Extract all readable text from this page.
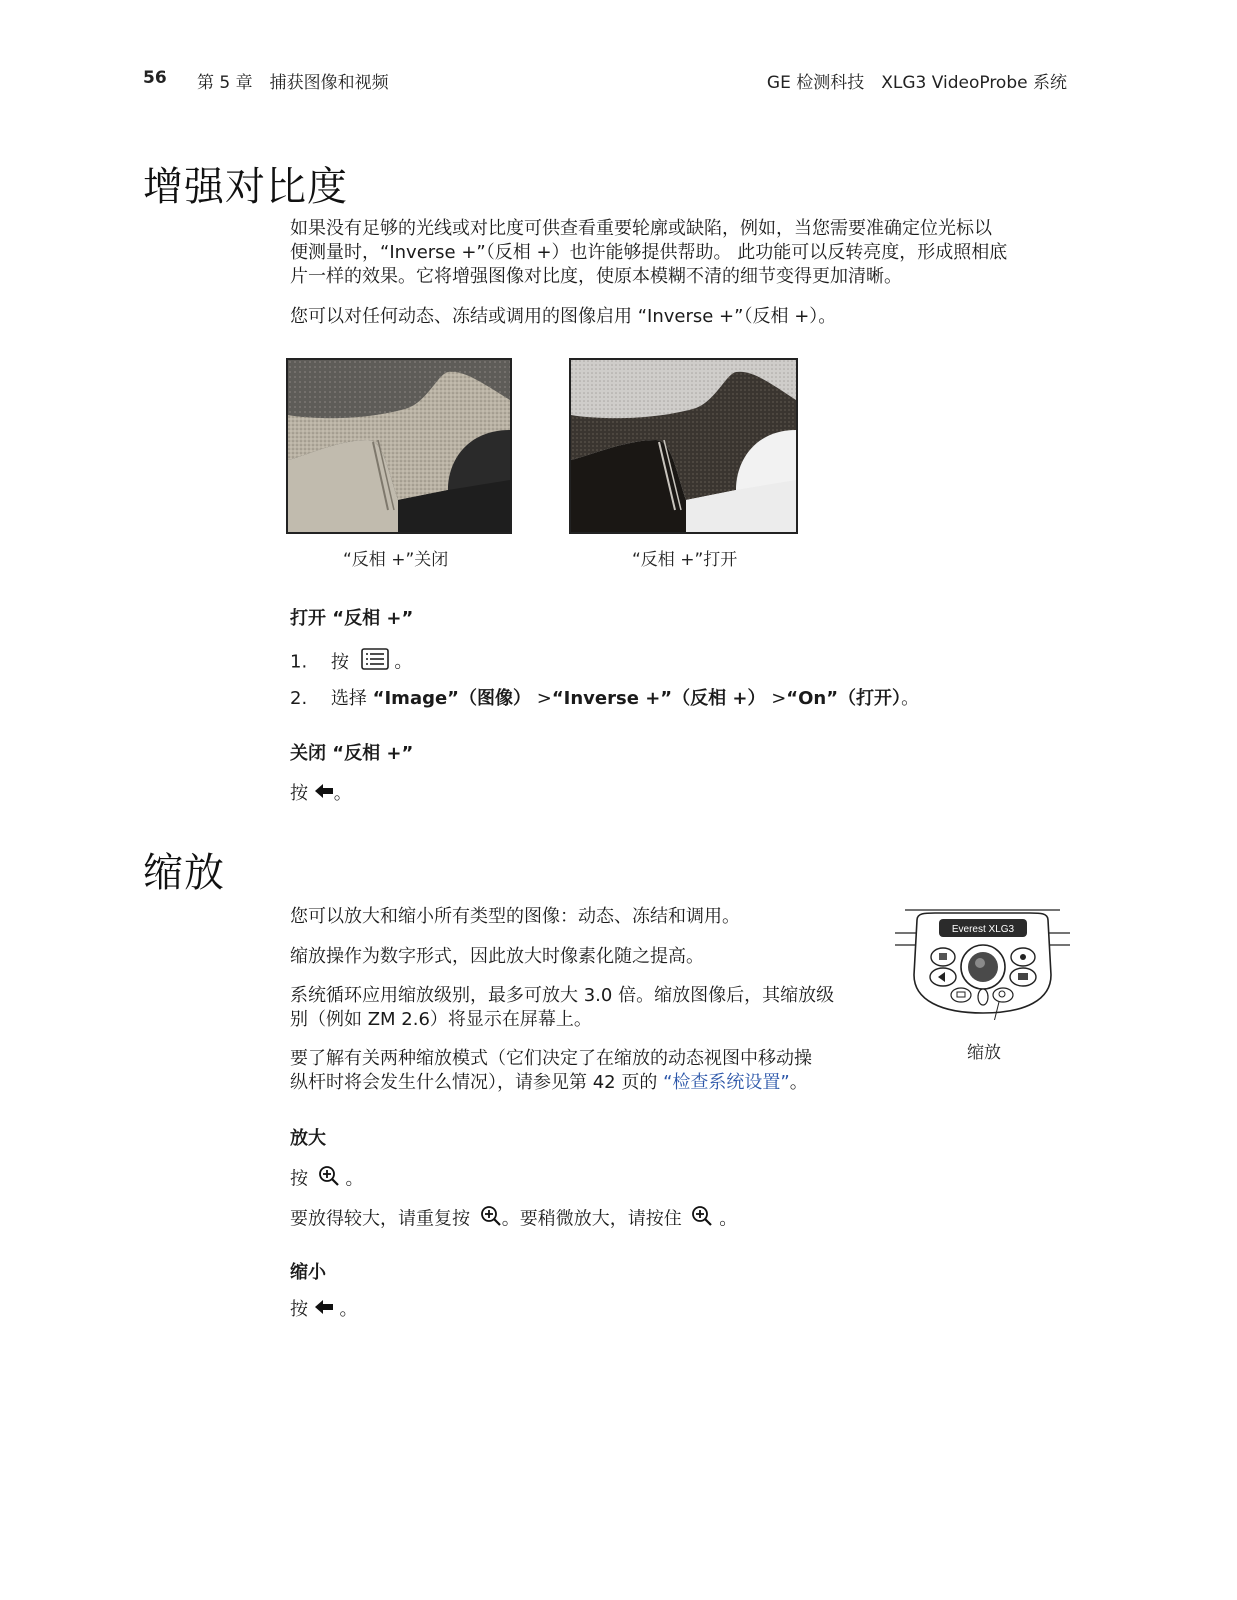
56 第 5 章　捕获图像和视频	GE 检测科技　XLG3 VideoProbe 系统
增强对比度
如果没有足够的光线或对比度可供查看重要轮廓或缺陷，例如，当您需要准确定位光标以
便测量时，“Inverse +”（反相 +）也许能够提供帮助。 此功能可以反转亮度，形成照相底
片一样的效果。它将增强图像对比度，使原本模糊不清的细节变得更加清晰。
您可以对任何动态、冻结或调用的图像启用 “Inverse +”（反相 +）。
“反相 +”关闭	“反相 +”打开
打开 “反相 +”
1. 按	。
2. 选择 “Image”（图像） >“Inverse +”（反相 +） >“On”（打开）。
关闭 “反相 +”
按 。
缩放
您可以放大和缩小所有类型的图像：动态、冻结和调用。
缩放操作为数字形式，因此放大时像素化随之提高。
系统循环应用缩放级别，最多可放大 3.0 倍。缩放图像后，其缩放级
别（例如 ZM 2.6）将显示在屏幕上。
要了解有关两种缩放模式（它们决定了在缩放的动态视图中移动操
纵杆时将会发生什么情况），请参见第 42 页的 “检查系统设置”。
Everest XLG3
缩放
放大
按 。
要放得较大，请重复按 。要稍微放大，请按住 。
缩小
按 。
